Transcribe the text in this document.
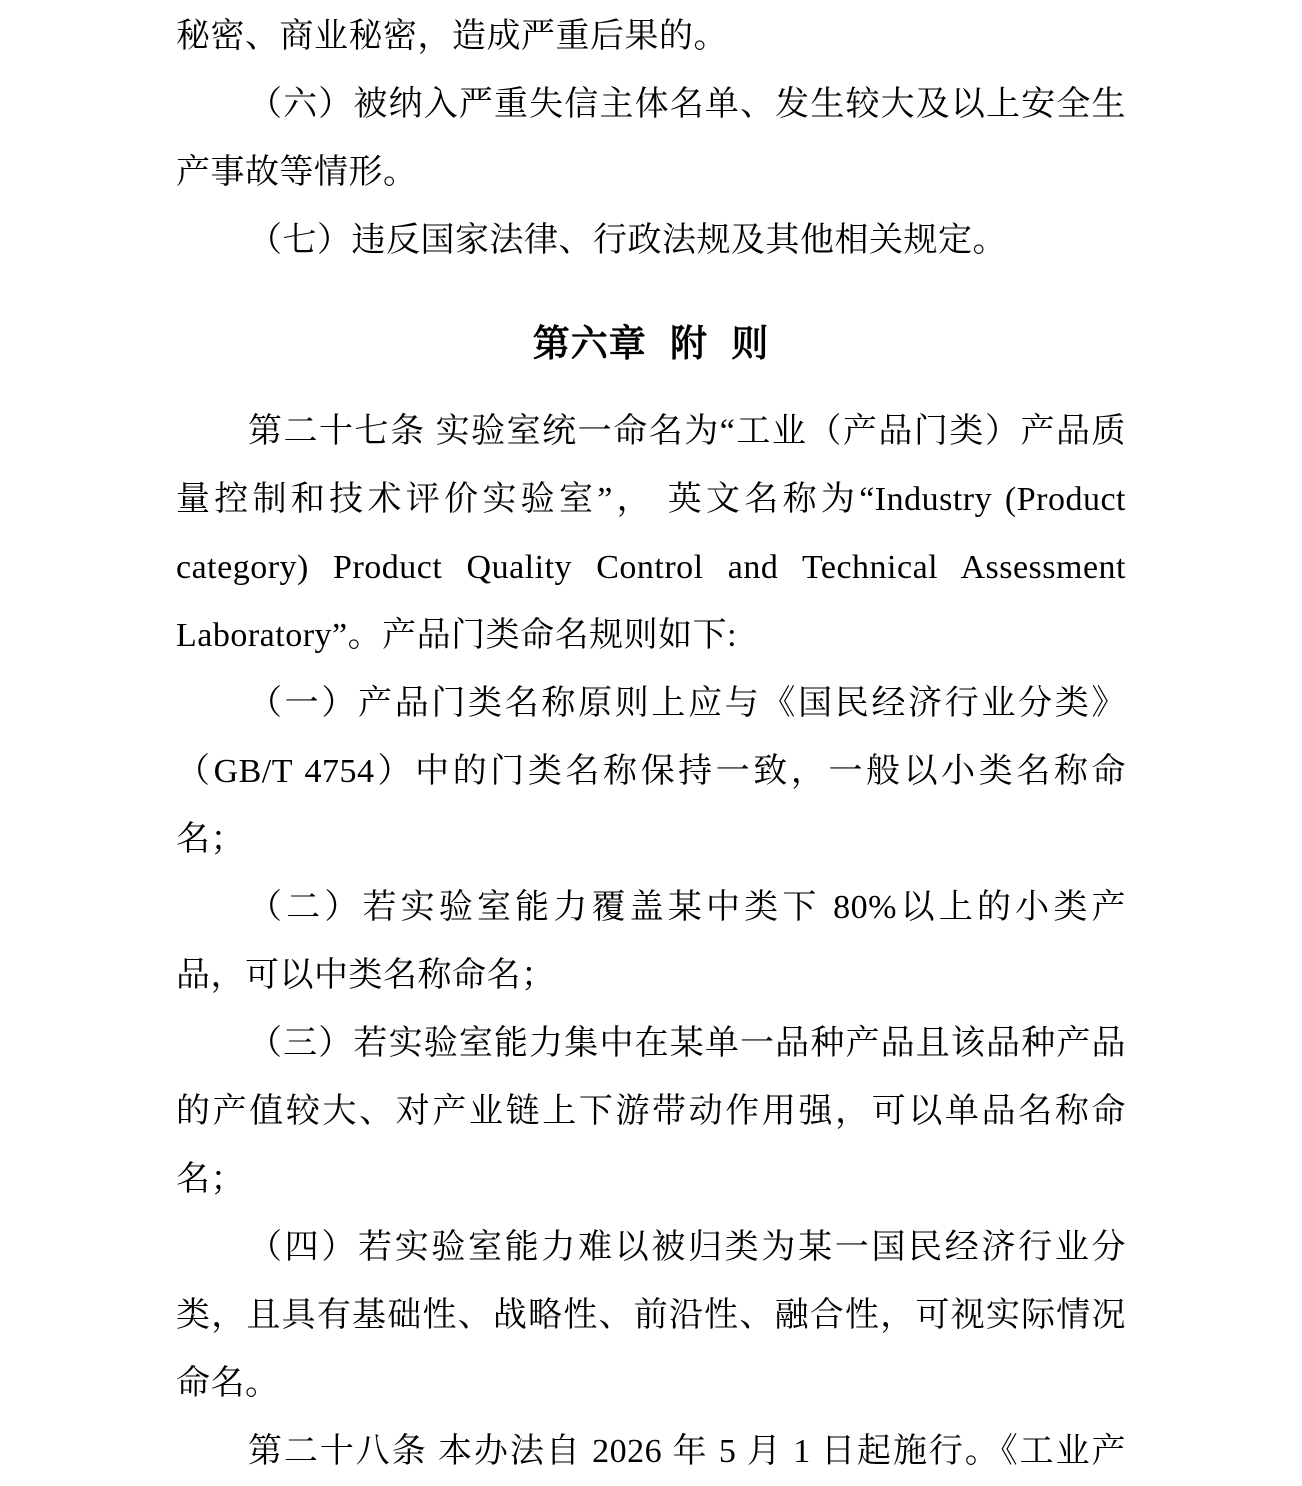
秘密、商业秘密，造成严重后果的。
（六）被纳入严重失信主体名单、发生较大及以上安全生
产事故等情形。
（七）违反国家法律、行政法规及其他相关规定。
第六章 附 则
第二十七条 实验室统一命名为“工业（产品门类）产品质
量控制和技术评价实验室”， 英文名称为“Industry (Product
category) Product Quality Control and Technical Assessment
Laboratory”。产品门类命名规则如下:
（一）产品门类名称原则上应与《国民经济行业分类》
（GB/T 4754）中的门类名称保持一致，一般以小类名称命
名；
（二）若实验室能力覆盖某中类下 80%以上的小类产
品，可以中类名称命名；
（三）若实验室能力集中在某单一品种产品且该品种产品
的产值较大、对产业链上下游带动作用强，可以单品名称命
名；
（四）若实验室能力难以被归类为某一国民经济行业分
类，且具有基础性、战略性、前沿性、融合性，可视实际情况
命名。
第二十八条 本办法自 2026 年 5 月 1 日起施行。《工业产
